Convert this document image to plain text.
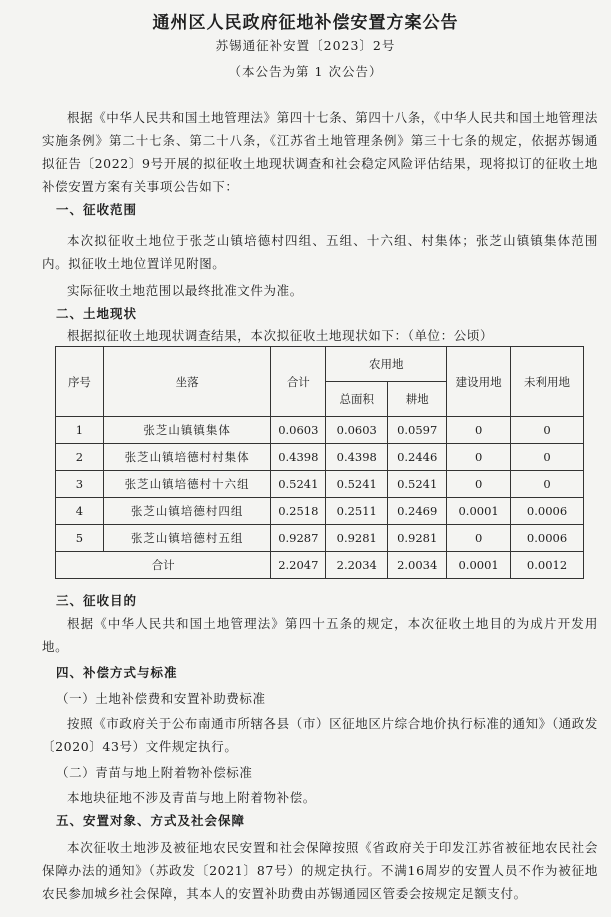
通州区人民政府征地补偿安置方案公告
苏锡通征补安置〔2023〕2号
（本公告为第 1 次公告）
根据《中华人民共和国土地管理法》第四十七条、第四十八条，《中华人民共和国土地管理法实施条例》第二十七条、第二十八条，《江苏省土地管理条例》第三十七条的规定，依据苏锡通拟征告〔2022〕9号开展的拟征收土地现状调查和社会稳定风险评估结果，现将拟订的征收土地补偿安置方案有关事项公告如下：
一、征收范围
本次拟征收土地位于张芝山镇培德村四组、五组、十六组、村集体；张芝山镇镇集体范围内。拟征收土地位置详见附图。
实际征收土地范围以最终批准文件为准。
二、土地现状
根据拟征收土地现状调查结果，本次拟征收土地现状如下：（单位：公顷）
序号	坐落	合计	农用地		建设用地	未利用地
			总面积	耕地		
1	张芝山镇镇集体	0.0603	0.0603	0.0597	0	0
2	张芝山镇培德村村集体	0.4398	0.4398	0.2446	0	0
3	张芝山镇培德村十六组	0.5241	0.5241	0.5241	0	0
4	张芝山镇培德村四组	0.2518	0.2511	0.2469	0.0001	0.0006
5	张芝山镇培德村五组	0.9287	0.9281	0.9281	0	0.0006
合计		2.2047	2.2034	2.0034	0.0001	0.0012
三、征收目的
根据《中华人民共和国土地管理法》第四十五条的规定，本次征收土地目的为成片开发用地。
四、补偿方式与标准
（一）土地补偿费和安置补助费标准
按照《市政府关于公布南通市所辖各县（市）区征地区片综合地价执行标准的通知》（通政发〔2020〕43号）文件规定执行。
（二）青苗与地上附着物补偿标准
本地块征地不涉及青苗与地上附着物补偿。
五、安置对象、方式及社会保障
本次征收土地涉及被征地农民安置和社会保障按照《省政府关于印发江苏省被征地农民社会保障办法的通知》（苏政发〔2021〕87号）的规定执行。不满16周岁的安置人员不作为被征地农民参加城乡社会保障，其本人的安置补助费由苏锡通园区管委会按规定足额支付。
